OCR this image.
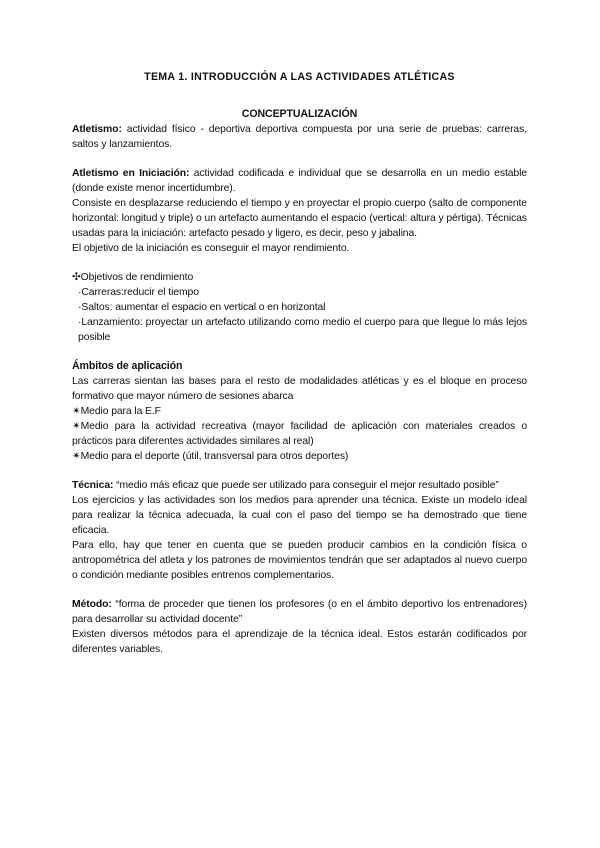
TEMA 1. INTRODUCCIÓN A LAS ACTIVIDADES ATLÉTICAS
CONCEPTUALIZACIÓN

Atletismo: actividad físico - deportiva deportiva compuesta por una serie de pruebas: carreras, saltos y lanzamientos.

Atletismo en Iniciación: actividad codificada e individual que se desarrolla en un medio estable (donde existe menor incertidumbre).

Consiste en desplazarse reduciendo el tiempo y en proyectar el propio cuerpo (salto de componente horizontal: longitud y triple) o un artefacto aumentando el espacio (vertical: altura y pértiga). Técnicas usadas para la iniciación: artefacto pesado y ligero, es decir, peso y jabalina.

El objetivo de la iniciación es conseguir el mayor rendimiento.

✣Objetivos de rendimiento
·Carreras:reducir el tiempo
·Saltos: aumentar el espacio en vertical o en horizontal
·Lanzamiento: proyectar un artefacto utilizando como medio el cuerpo para que llegue lo más lejos posible
Ámbitos de aplicación

Las carreras sientan las bases para el resto de modalidades atléticas y es el bloque en proceso formativo que mayor número de sesiones abarca

✴Medio para la E.F
✴Medio para la actividad recreativa (mayor facilidad de aplicación con materiales creados o prácticos para diferentes actividades similares al real)
✴Medio para el deporte (útil, transversal para otros deportes)

Técnica: “medio más eficaz que puede ser utilizado para conseguir el mejor resultado posible”

Los ejercicios y las actividades son los medios para aprender una técnica. Existe un modelo ideal para realizar la técnica adecuada, la cual con el paso del tiempo se ha demostrado que tiene eficacia.

Para ello, hay que tener en cuenta que se pueden producir cambios en la condición física o antropométrica del atleta y los patrones de movimientos tendrán que ser adaptados al nuevo cuerpo o condición mediante posibles entrenos complementarios.

Método: “forma de proceder que tienen los profesores (o en el ámbito deportivo los entrenadores) para desarrollar su actividad docente”

Existen diversos métodos para el aprendizaje de la técnica ideal. Estos estarán codificados por diferentes variables.
